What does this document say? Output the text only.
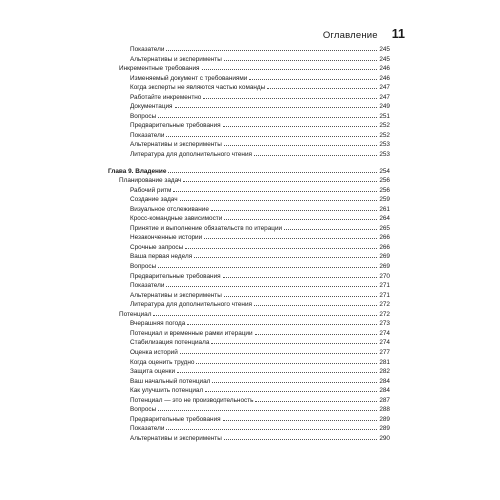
Оглавление 11
Показатели	245
Альтернативы и эксперименты	245
Инкрементные требования	246
Изменяемый документ с требованиями	246
Когда эксперты не являются частью команды	247
Работайте инкрементно	247
Документация	249
Вопросы	251
Предварительные требования	252
Показатели	252
Альтернативы и эксперименты	253
Литература для дополнительного чтения	253
Глава 9. Владение	254
Планирование задач	256
Рабочий ритм	256
Создание задач	259
Визуальное отслеживание	261
Кросс-командные зависимости	264
Принятие и выполнение обязательств по итерации	265
Незаконченные истории	266
Срочные запросы	266
Ваша первая неделя	269
Вопросы	269
Предварительные требования	270
Показатели	271
Альтернативы и эксперименты	271
Литература для дополнительного чтения	272
Потенциал	272
Вчерашняя погода	273
Потенциал и временные рамки итерации	274
Стабилизация потенциала	274
Оценка историй	277
Когда оценить трудно	281
Защита оценки	282
Ваш начальный потенциал	284
Как улучшить потенциал	284
Потенциал — это не производительность	287
Вопросы	288
Предварительные требования	289
Показатели	289
Альтернативы и эксперименты	290
